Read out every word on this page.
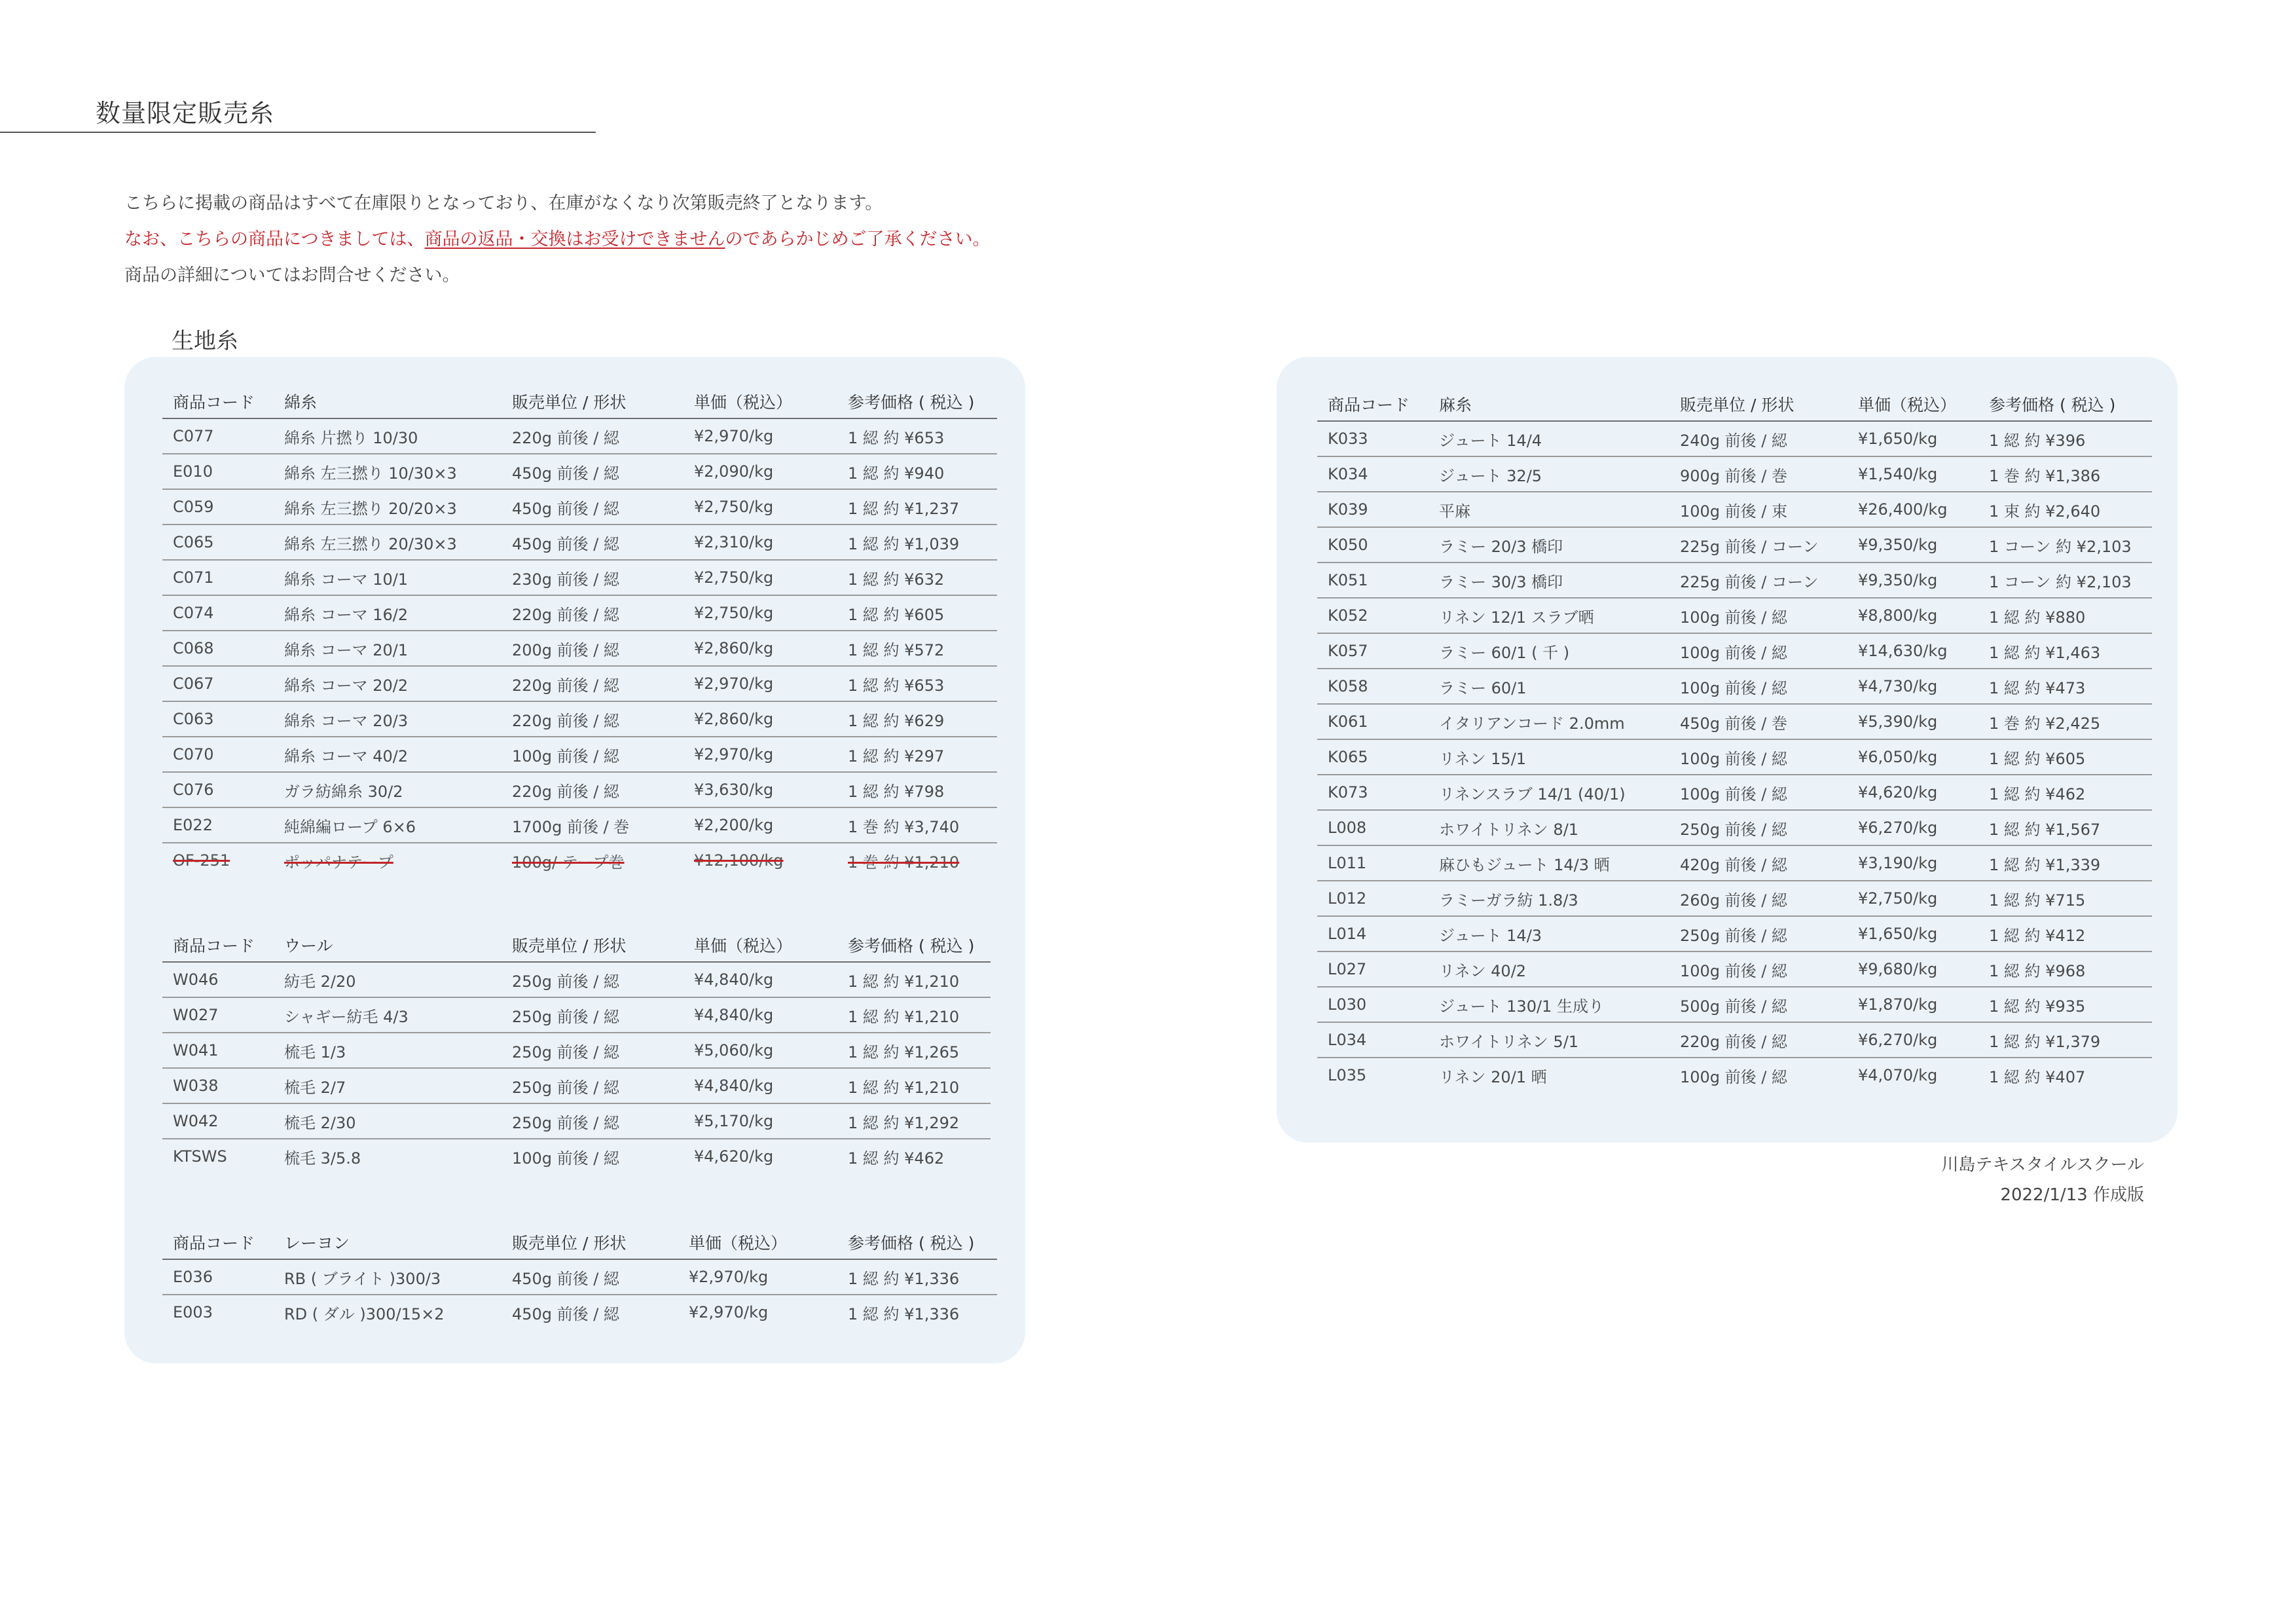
数量限定販売糸
こちらに掲載の商品はすべて在庫限りとなっており、在庫がなくなり次第販売終了となります。
なお、こちらの商品につきましては、商品の返品・交換はお受けできませんのであらかじめご了承ください。
商品の詳細についてはお問合せください。
生地糸
商品コード	綿糸	販売単位 / 形状	単価（税込）	参考価格 ( 税込 )
C077	綿糸 片撚り 10/30	220g 前後 / 綛	¥2,970/kg	1 綛 約 ¥653
E010	綿糸 左三撚り 10/30×3	450g 前後 / 綛	¥2,090/kg	1 綛 約 ¥940
C059	綿糸 左三撚り 20/20×3	450g 前後 / 綛	¥2,750/kg	1 綛 約 ¥1,237
C065	綿糸 左三撚り 20/30×3	450g 前後 / 綛	¥2,310/kg	1 綛 約 ¥1,039
C071	綿糸 コーマ 10/1	230g 前後 / 綛	¥2,750/kg	1 綛 約 ¥632
C074	綿糸 コーマ 16/2	220g 前後 / 綛	¥2,750/kg	1 綛 約 ¥605
C068	綿糸 コーマ 20/1	200g 前後 / 綛	¥2,860/kg	1 綛 約 ¥572
C067	綿糸 コーマ 20/2	220g 前後 / 綛	¥2,970/kg	1 綛 約 ¥653
C063	綿糸 コーマ 20/3	220g 前後 / 綛	¥2,860/kg	1 綛 約 ¥629
C070	綿糸 コーマ 40/2	100g 前後 / 綛	¥2,970/kg	1 綛 約 ¥297
C076	ガラ紡綿糸 30/2	220g 前後 / 綛	¥3,630/kg	1 綛 約 ¥798
E022	純綿編ロープ 6×6	1700g 前後 / 巻	¥2,200/kg	1 巻 約 ¥3,740
OF-251	ポッパナテープ	100g/ テープ巻	¥12,100/kg	1 巻 約 ¥1,210
商品コード	ウール	販売単位 / 形状	単価（税込）	参考価格 ( 税込 )
W046	紡毛 2/20	250g 前後 / 綛	¥4,840/kg	1 綛 約 ¥1,210
W027	シャギー紡毛 4/3	250g 前後 / 綛	¥4,840/kg	1 綛 約 ¥1,210
W041	梳毛 1/3	250g 前後 / 綛	¥5,060/kg	1 綛 約 ¥1,265
W038	梳毛 2/7	250g 前後 / 綛	¥4,840/kg	1 綛 約 ¥1,210
W042	梳毛 2/30	250g 前後 / 綛	¥5,170/kg	1 綛 約 ¥1,292
KTSWS	梳毛 3/5.8	100g 前後 / 綛	¥4,620/kg	1 綛 約 ¥462
商品コード	レーヨン	販売単位 / 形状	単価（税込）	参考価格 ( 税込 )
E036	RB ( ブライト )300/3	450g 前後 / 綛	¥2,970/kg	1 綛 約 ¥1,336
E003	RD ( ダル )300/15×2	450g 前後 / 綛	¥2,970/kg	1 綛 約 ¥1,336
商品コード	麻糸	販売単位 / 形状	単価（税込）	参考価格 ( 税込 )
K033	ジュート 14/4	240g 前後 / 綛	¥1,650/kg	1 綛 約 ¥396
K034	ジュート 32/5	900g 前後 / 巻	¥1,540/kg	1 巻 約 ¥1,386
K039	平麻	100g 前後 / 束	¥26,400/kg	1 束 約 ¥2,640
K050	ラミー 20/3 橋印	225g 前後 / コーン	¥9,350/kg	1 コーン 約 ¥2,103
K051	ラミー 30/3 橋印	225g 前後 / コーン	¥9,350/kg	1 コーン 約 ¥2,103
K052	リネン 12/1 スラブ晒	100g 前後 / 綛	¥8,800/kg	1 綛 約 ¥880
K057	ラミー 60/1 ( 千 )	100g 前後 / 綛	¥14,630/kg	1 綛 約 ¥1,463
K058	ラミー 60/1	100g 前後 / 綛	¥4,730/kg	1 綛 約 ¥473
K061	イタリアンコード 2.0mm	450g 前後 / 巻	¥5,390/kg	1 巻 約 ¥2,425
K065	リネン 15/1	100g 前後 / 綛	¥6,050/kg	1 綛 約 ¥605
K073	リネンスラブ 14/1 (40/1)	100g 前後 / 綛	¥4,620/kg	1 綛 約 ¥462
L008	ホワイトリネン 8/1	250g 前後 / 綛	¥6,270/kg	1 綛 約 ¥1,567
L011	麻ひもジュート 14/3 晒	420g 前後 / 綛	¥3,190/kg	1 綛 約 ¥1,339
L012	ラミーガラ紡 1.8/3	260g 前後 / 綛	¥2,750/kg	1 綛 約 ¥715
L014	ジュート 14/3	250g 前後 / 綛	¥1,650/kg	1 綛 約 ¥412
L027	リネン 40/2	100g 前後 / 綛	¥9,680/kg	1 綛 約 ¥968
L030	ジュート 130/1 生成り	500g 前後 / 綛	¥1,870/kg	1 綛 約 ¥935
L034	ホワイトリネン 5/1	220g 前後 / 綛	¥6,270/kg	1 綛 約 ¥1,379
L035	リネン 20/1 晒	100g 前後 / 綛	¥4,070/kg	1 綛 約 ¥407
川島テキスタイルスクール
2022/1/13 作成版
